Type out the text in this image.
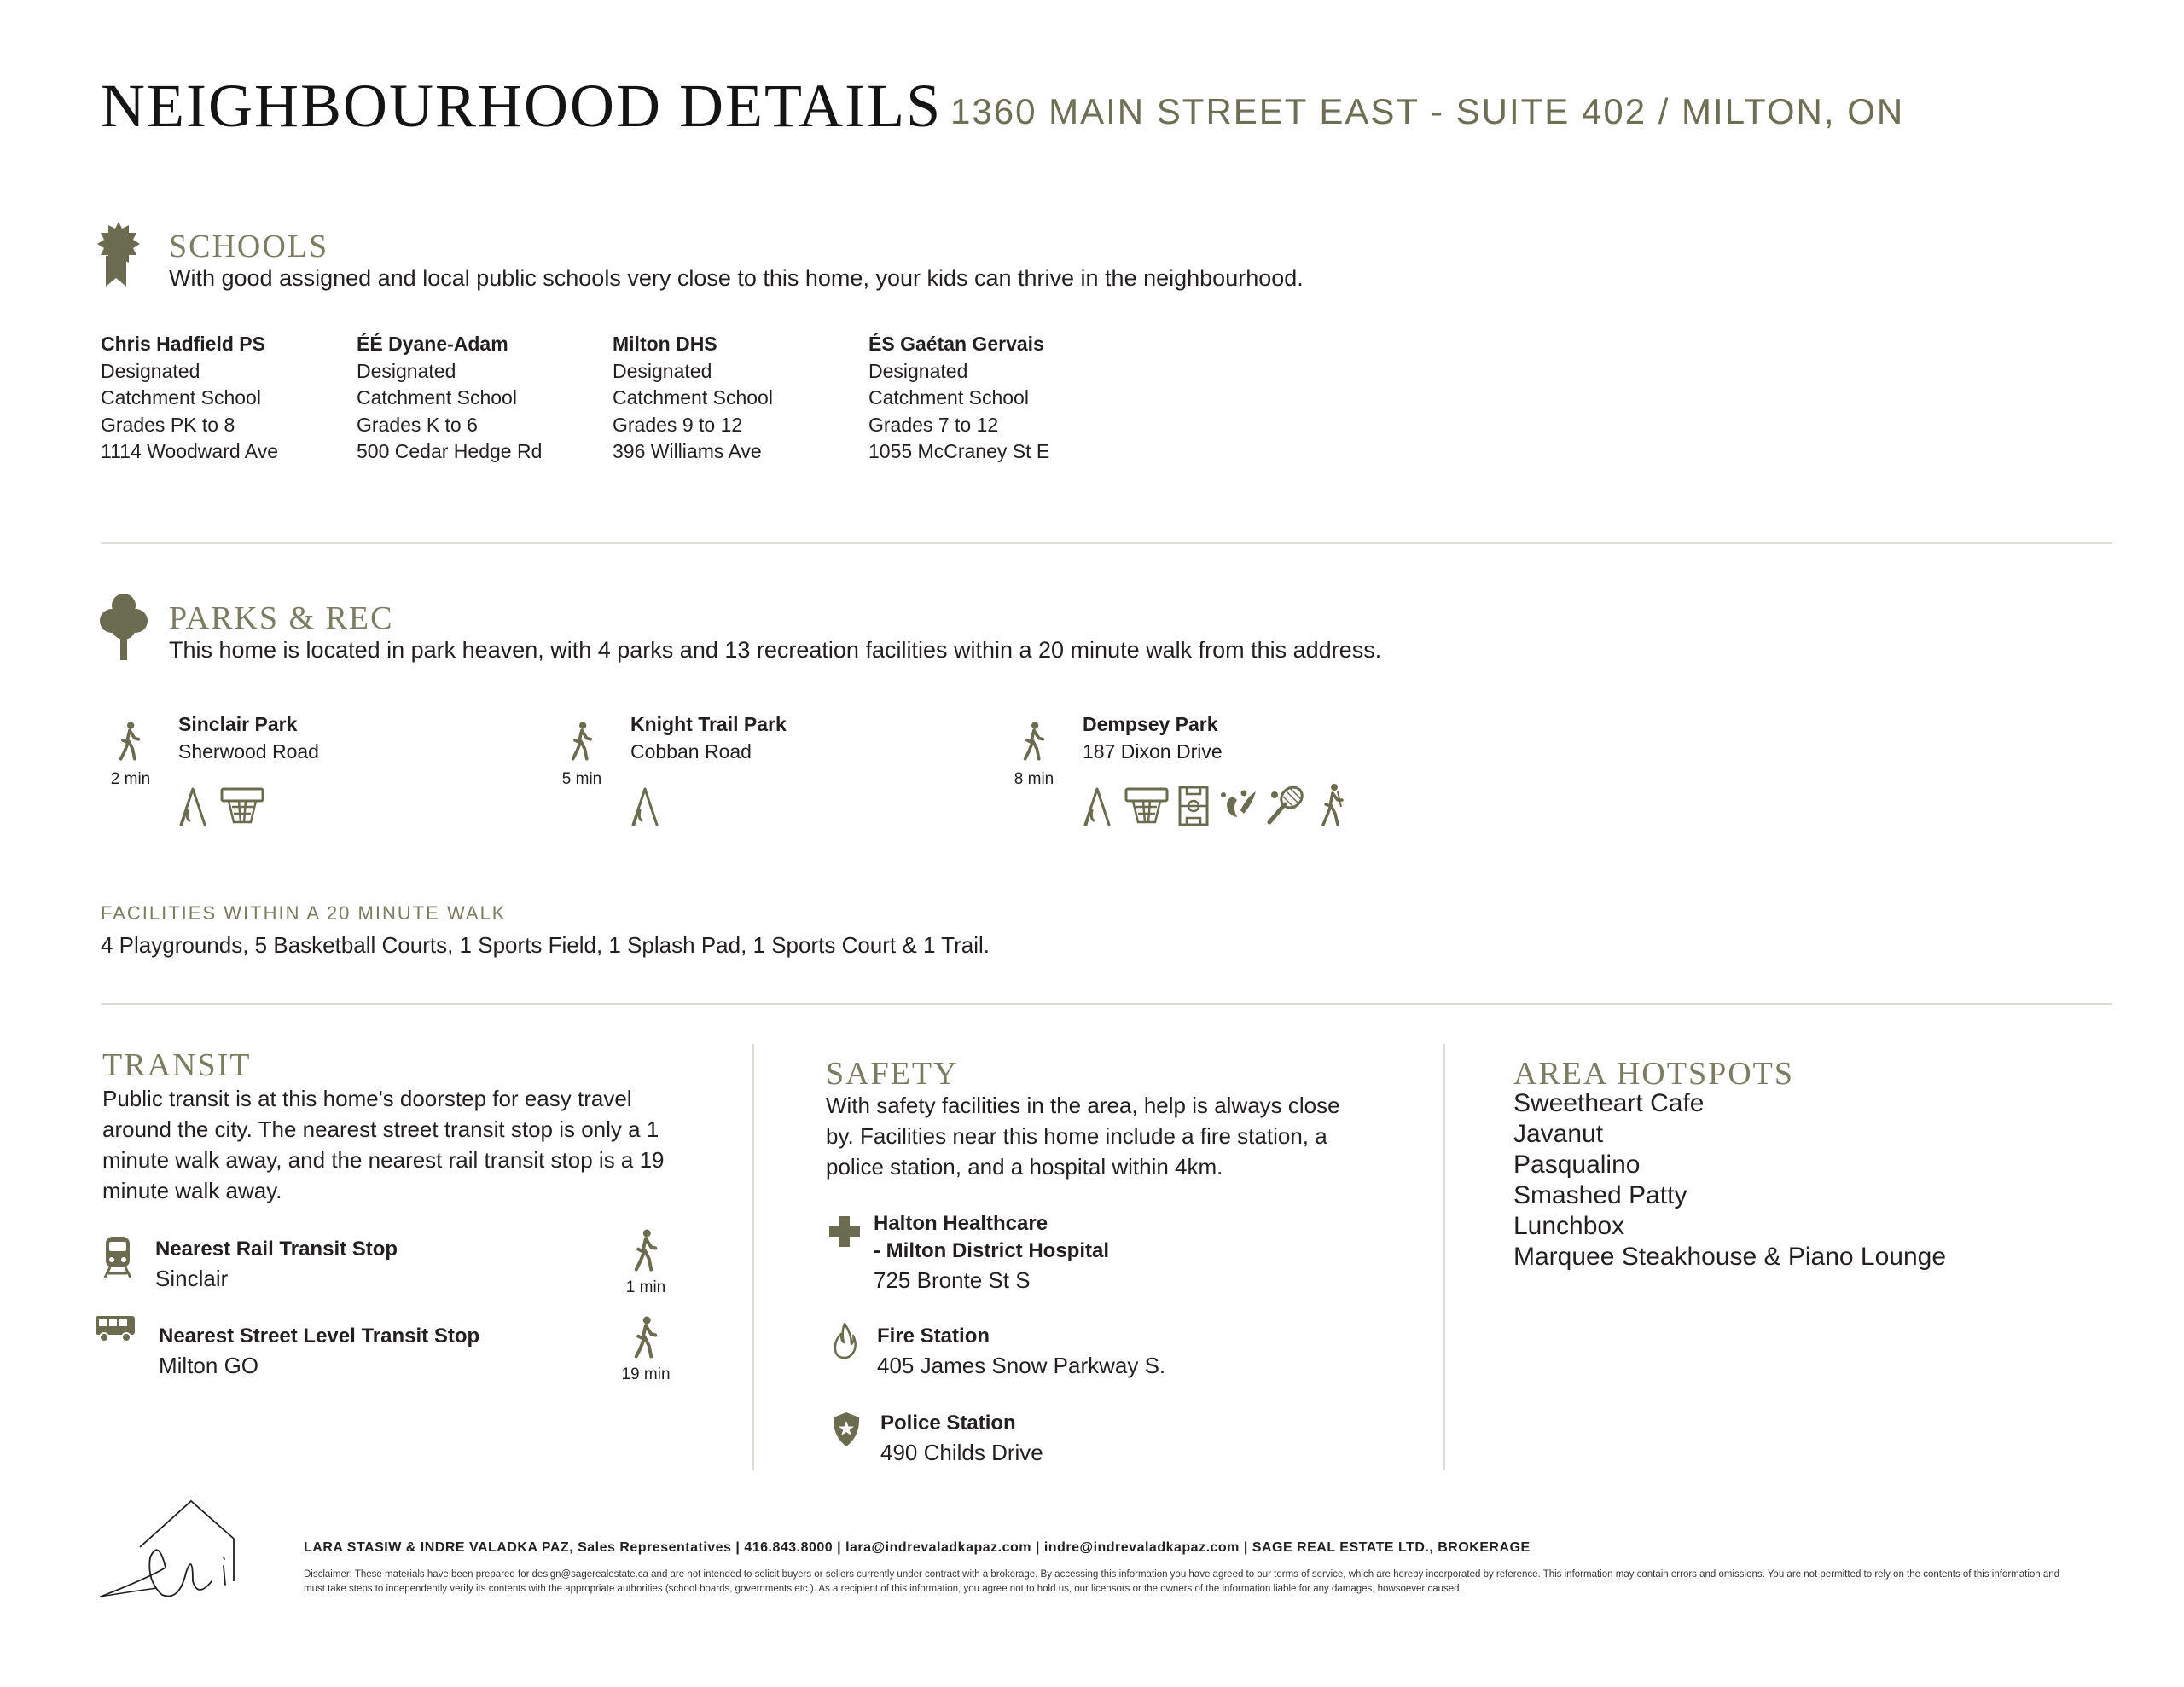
NEIGHBOURHOOD DETAILS 1360 MAIN STREET EAST - SUITE 402 / MILTON, ON
SCHOOLS
With good assigned and local public schools very close to this home, your kids can thrive in the neighbourhood.
Chris Hadfield PS
Designated
Catchment School
Grades PK to 8
1114 Woodward Ave
ÉÉ Dyane-Adam
Designated
Catchment School
Grades K to 6
500 Cedar Hedge Rd
Milton DHS
Designated
Catchment School
Grades 9 to 12
396 Williams Ave
ÉS Gaétan Gervais
Designated
Catchment School
Grades 7 to 12
1055 McCraney St E
PARKS & REC
This home is located in park heaven, with 4 parks and 13 recreation facilities within a 20 minute walk from this address.
2 min
Sinclair Park
Sherwood Road
5 min
Knight Trail Park
Cobban Road
8 min
Dempsey Park
187 Dixon Drive
FACILITIES WITHIN A 20 MINUTE WALK
4 Playgrounds, 5 Basketball Courts, 1 Sports Field, 1 Splash Pad, 1 Sports Court & 1 Trail.
TRANSIT
Public transit is at this home's doorstep for easy travel around the city. The nearest street transit stop is only a 1 minute walk away, and the nearest rail transit stop is a 19 minute walk away.
Nearest Rail Transit Stop
Sinclair	1 min
Nearest Street Level Transit Stop
Milton GO	19 min
SAFETY
With safety facilities in the area, help is always close by. Facilities near this home include a fire station, a police station, and a hospital within 4km.
Halton Healthcare
- Milton District Hospital
725 Bronte St S
Fire Station
405 James Snow Parkway S.
Police Station
490 Childs Drive
AREA HOTSPOTS
Sweetheart Cafe
Javanut
Pasqualino
Smashed Patty
Lunchbox
Marquee Steakhouse & Piano Lounge
LARA STASIW & INDRE VALADKA PAZ, Sales Representatives | 416.843.8000 | lara@indrevaladkapaz.com | indre@indrevaladkapaz.com | SAGE REAL ESTATE LTD., BROKERAGE
Disclaimer: These materials have been prepared for design@sagerealestate.ca and are not intended to solicit buyers or sellers currently under contract with a brokerage. By accessing this information you have agreed to our terms of service, which are hereby incorporated by reference. This information may contain errors and omissions. You are not permitted to rely on the contents of this information and must take steps to independently verify its contents with the appropriate authorities (school boards, governments etc.). As a recipient of this information, you agree not to hold us, our licensors or the owners of the information liable for any damages, howsoever caused.
